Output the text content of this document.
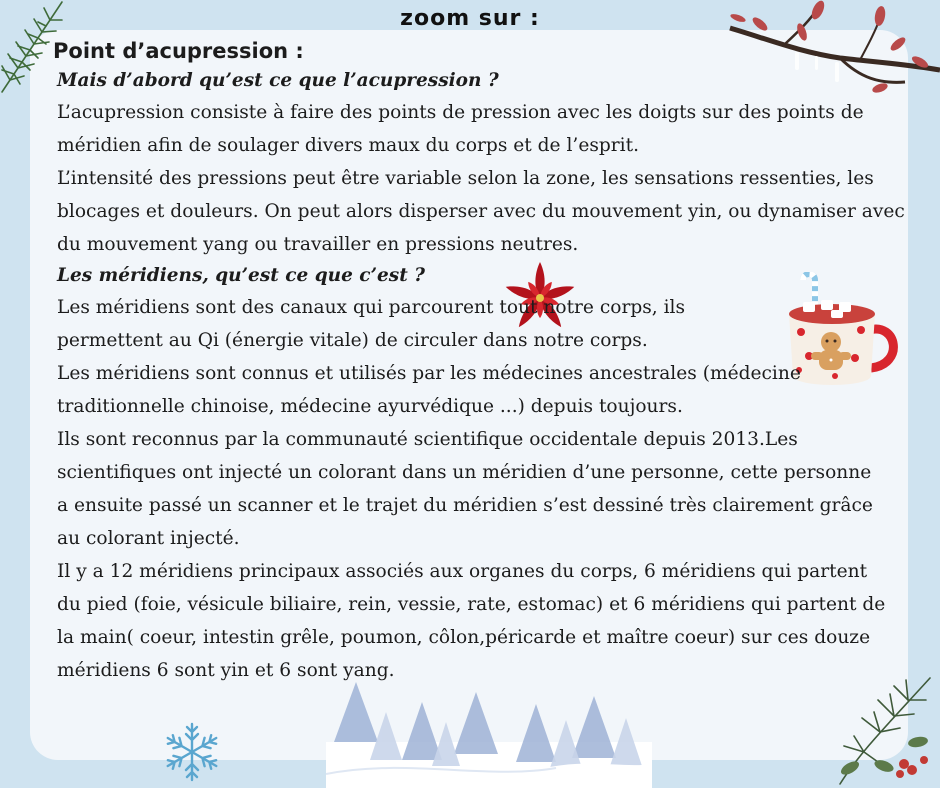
zoom sur :
Point d’acupression :
Mais d’abord qu’est ce que l’acupression ?

L’acupression consiste à faire des points de pression avec les doigts sur des points de méridien afin de soulager divers maux du corps et de l’esprit.

L’intensité des pressions peut être variable selon la zone, les sensations ressenties, les blocages et douleurs. On peut alors disperser avec du mouvement yin, ou dynamiser avec du mouvement yang ou travailler en pressions neutres.

Les méridiens, qu’est ce que c’est ?

Les méridiens sont des canaux qui parcourent tout notre corps, ils permettent au Qi (énergie vitale) de circuler dans notre corps.

Les méridiens sont connus et utilisés par les médecines ancestrales (médecine traditionnelle chinoise, médecine ayurvédique ...) depuis toujours.

Ils sont reconnus par la communauté scientifique occidentale depuis 2013.Les scientifiques ont injecté un colorant dans un méridien d’une personne, cette personne a ensuite passé un scanner et le trajet du méridien s’est dessiné très clairement grâce au colorant injecté.

Il y a 12 méridiens principaux associés aux organes du corps, 6 méridiens qui partent du pied (foie, vésicule biliaire, rein, vessie, rate, estomac) et 6 méridiens qui partent de la main( coeur, intestin grêle, poumon, côlon,péricarde et maître coeur) sur ces douze méridiens 6 sont yin et 6 sont yang.
